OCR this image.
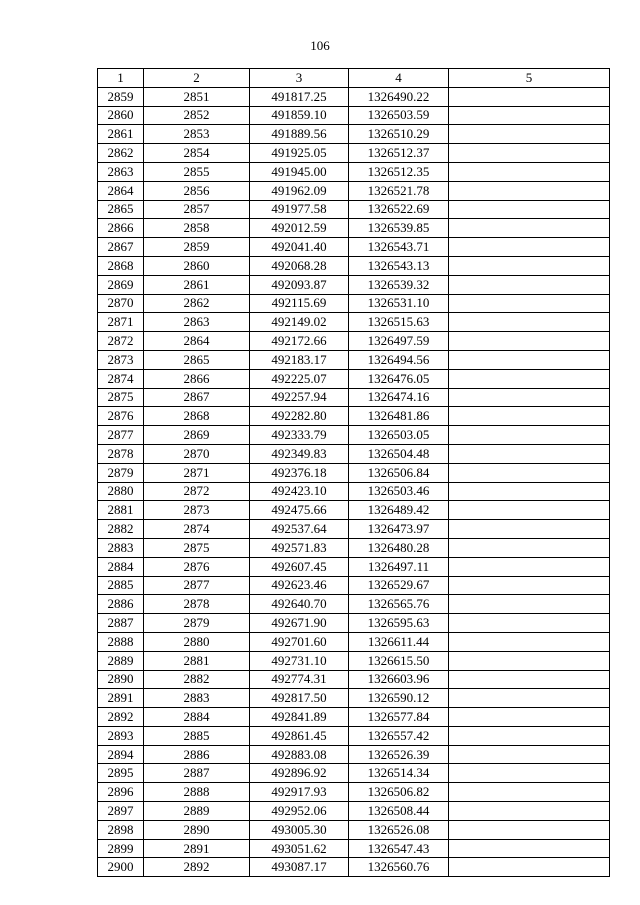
106
1	2	3	4	5
2859	2851	491817.25	1326490.22	
2860	2852	491859.10	1326503.59	
2861	2853	491889.56	1326510.29	
2862	2854	491925.05	1326512.37	
2863	2855	491945.00	1326512.35	
2864	2856	491962.09	1326521.78	
2865	2857	491977.58	1326522.69	
2866	2858	492012.59	1326539.85	
2867	2859	492041.40	1326543.71	
2868	2860	492068.28	1326543.13	
2869	2861	492093.87	1326539.32	
2870	2862	492115.69	1326531.10	
2871	2863	492149.02	1326515.63	
2872	2864	492172.66	1326497.59	
2873	2865	492183.17	1326494.56	
2874	2866	492225.07	1326476.05	
2875	2867	492257.94	1326474.16	
2876	2868	492282.80	1326481.86	
2877	2869	492333.79	1326503.05	
2878	2870	492349.83	1326504.48	
2879	2871	492376.18	1326506.84	
2880	2872	492423.10	1326503.46	
2881	2873	492475.66	1326489.42	
2882	2874	492537.64	1326473.97	
2883	2875	492571.83	1326480.28	
2884	2876	492607.45	1326497.11	
2885	2877	492623.46	1326529.67	
2886	2878	492640.70	1326565.76	
2887	2879	492671.90	1326595.63	
2888	2880	492701.60	1326611.44	
2889	2881	492731.10	1326615.50	
2890	2882	492774.31	1326603.96	
2891	2883	492817.50	1326590.12	
2892	2884	492841.89	1326577.84	
2893	2885	492861.45	1326557.42	
2894	2886	492883.08	1326526.39	
2895	2887	492896.92	1326514.34	
2896	2888	492917.93	1326506.82	
2897	2889	492952.06	1326508.44	
2898	2890	493005.30	1326526.08	
2899	2891	493051.62	1326547.43	
2900	2892	493087.17	1326560.76	
